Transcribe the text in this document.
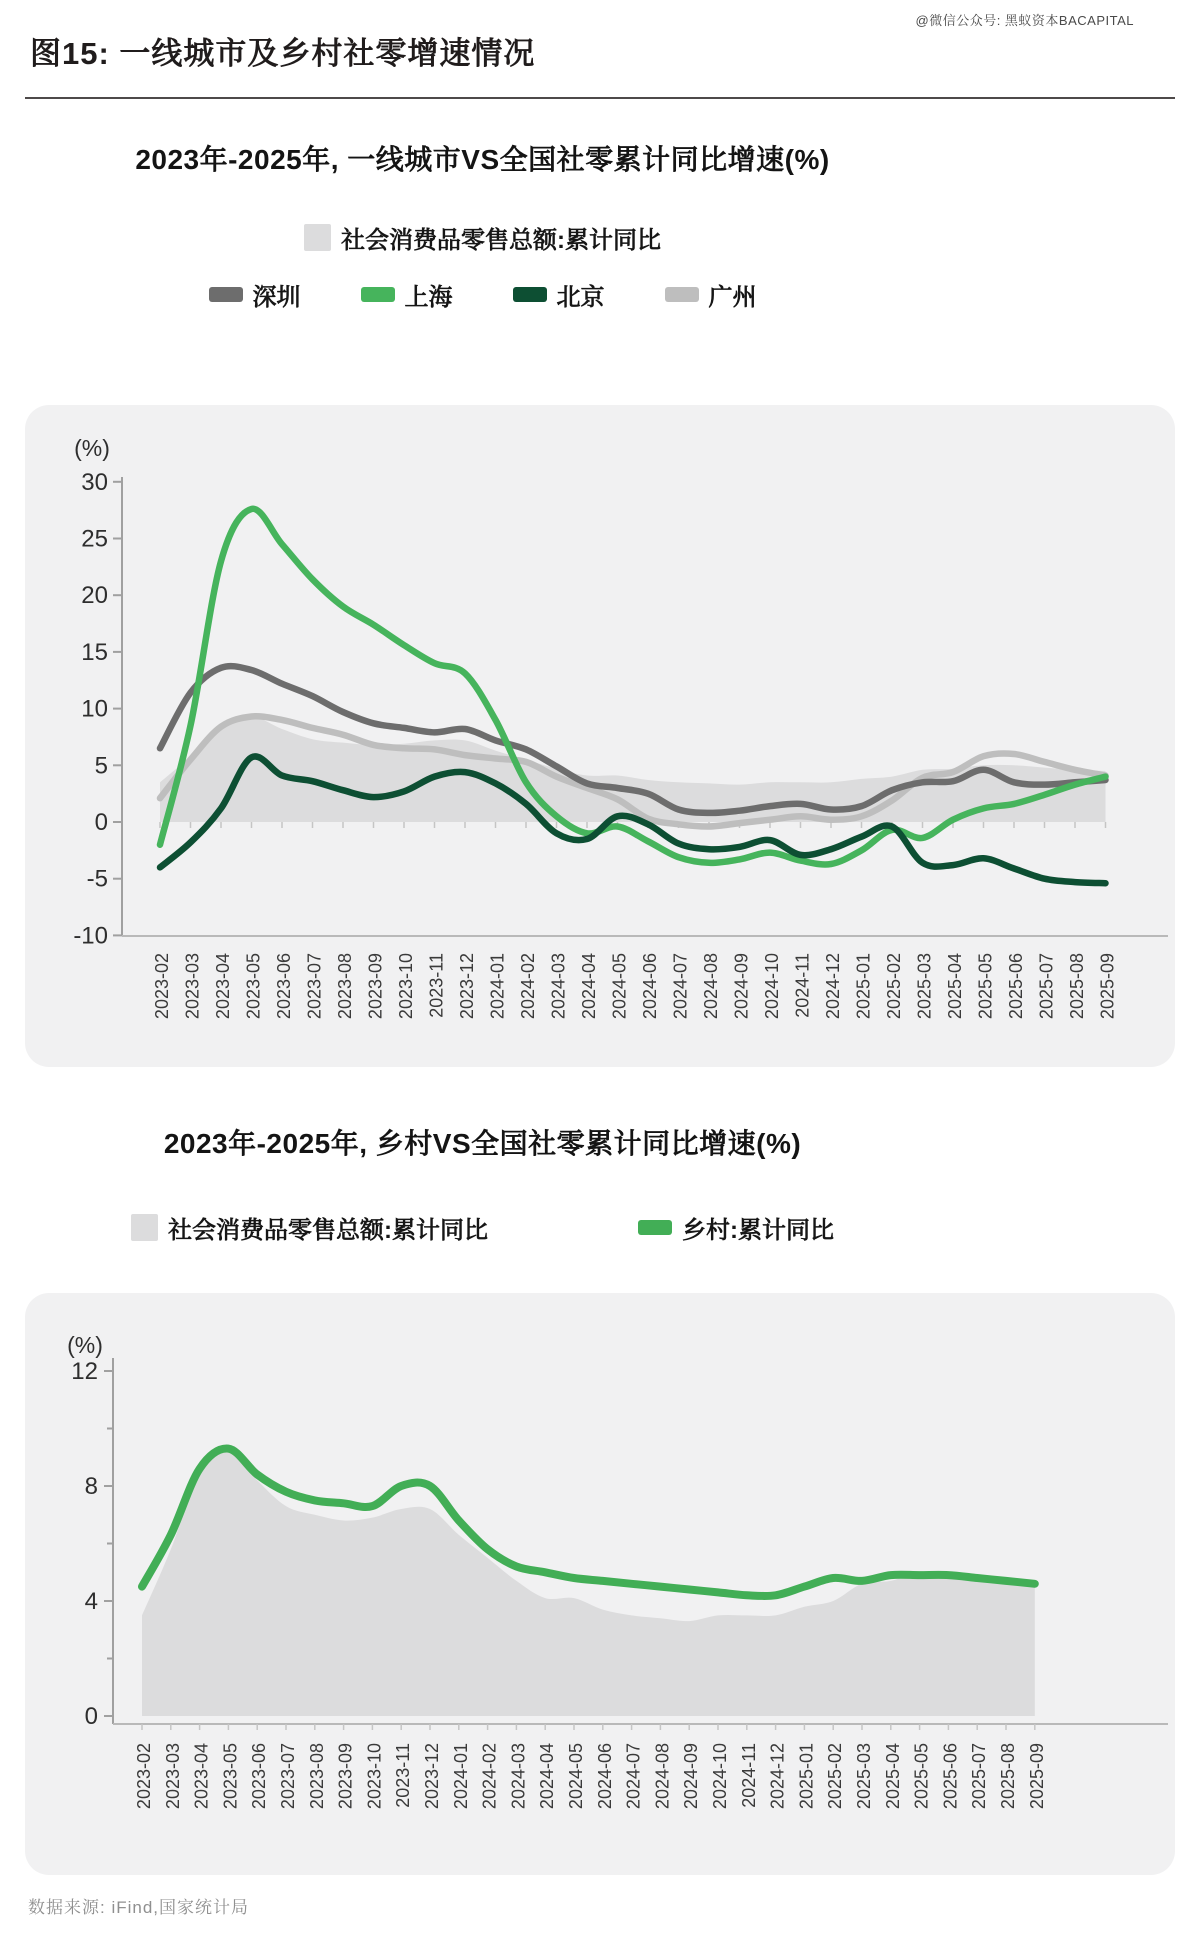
@微信公众号: 黑蚁资本BACAPITAL
图15: 一线城市及乡村社零增速情况
2023年-2025年, 一线城市VS全国社零累计同比增速(%)
社会消费品零售总额:累计同比
深圳	上海	北京	广州
30
25
20
15
10
5
0
-5
-10
(%)
2023-02 2023-03 2023-04 2023-05 2023-06 2023-07 2023-08 2023-09 2023-10 2023-11 2023-12 2024-01 2024-02 2024-03 2024-04 2024-05 2024-06 2024-07 2024-08 2024-09 2024-10 2024-11 2024-12 2025-01 2025-02 2025-03 2025-04 2025-05 2025-06 2025-07 2025-08 2025-09
2023年-2025年, 乡村VS全国社零累计同比增速(%)
社会消费品零售总额:累计同比	乡村:累计同比
12
8
4
0
(%)
2023-02 2023-03 2023-04 2023-05 2023-06 2023-07 2023-08 2023-09 2023-10 2023-11 2023-12 2024-01 2024-02 2024-03 2024-04 2024-05 2024-06 2024-07 2024-08 2024-09 2024-10 2024-11 2024-12 2025-01 2025-02 2025-03 2025-04 2025-05 2025-06 2025-07 2025-08 2025-09
数据来源: iFind,国家统计局
